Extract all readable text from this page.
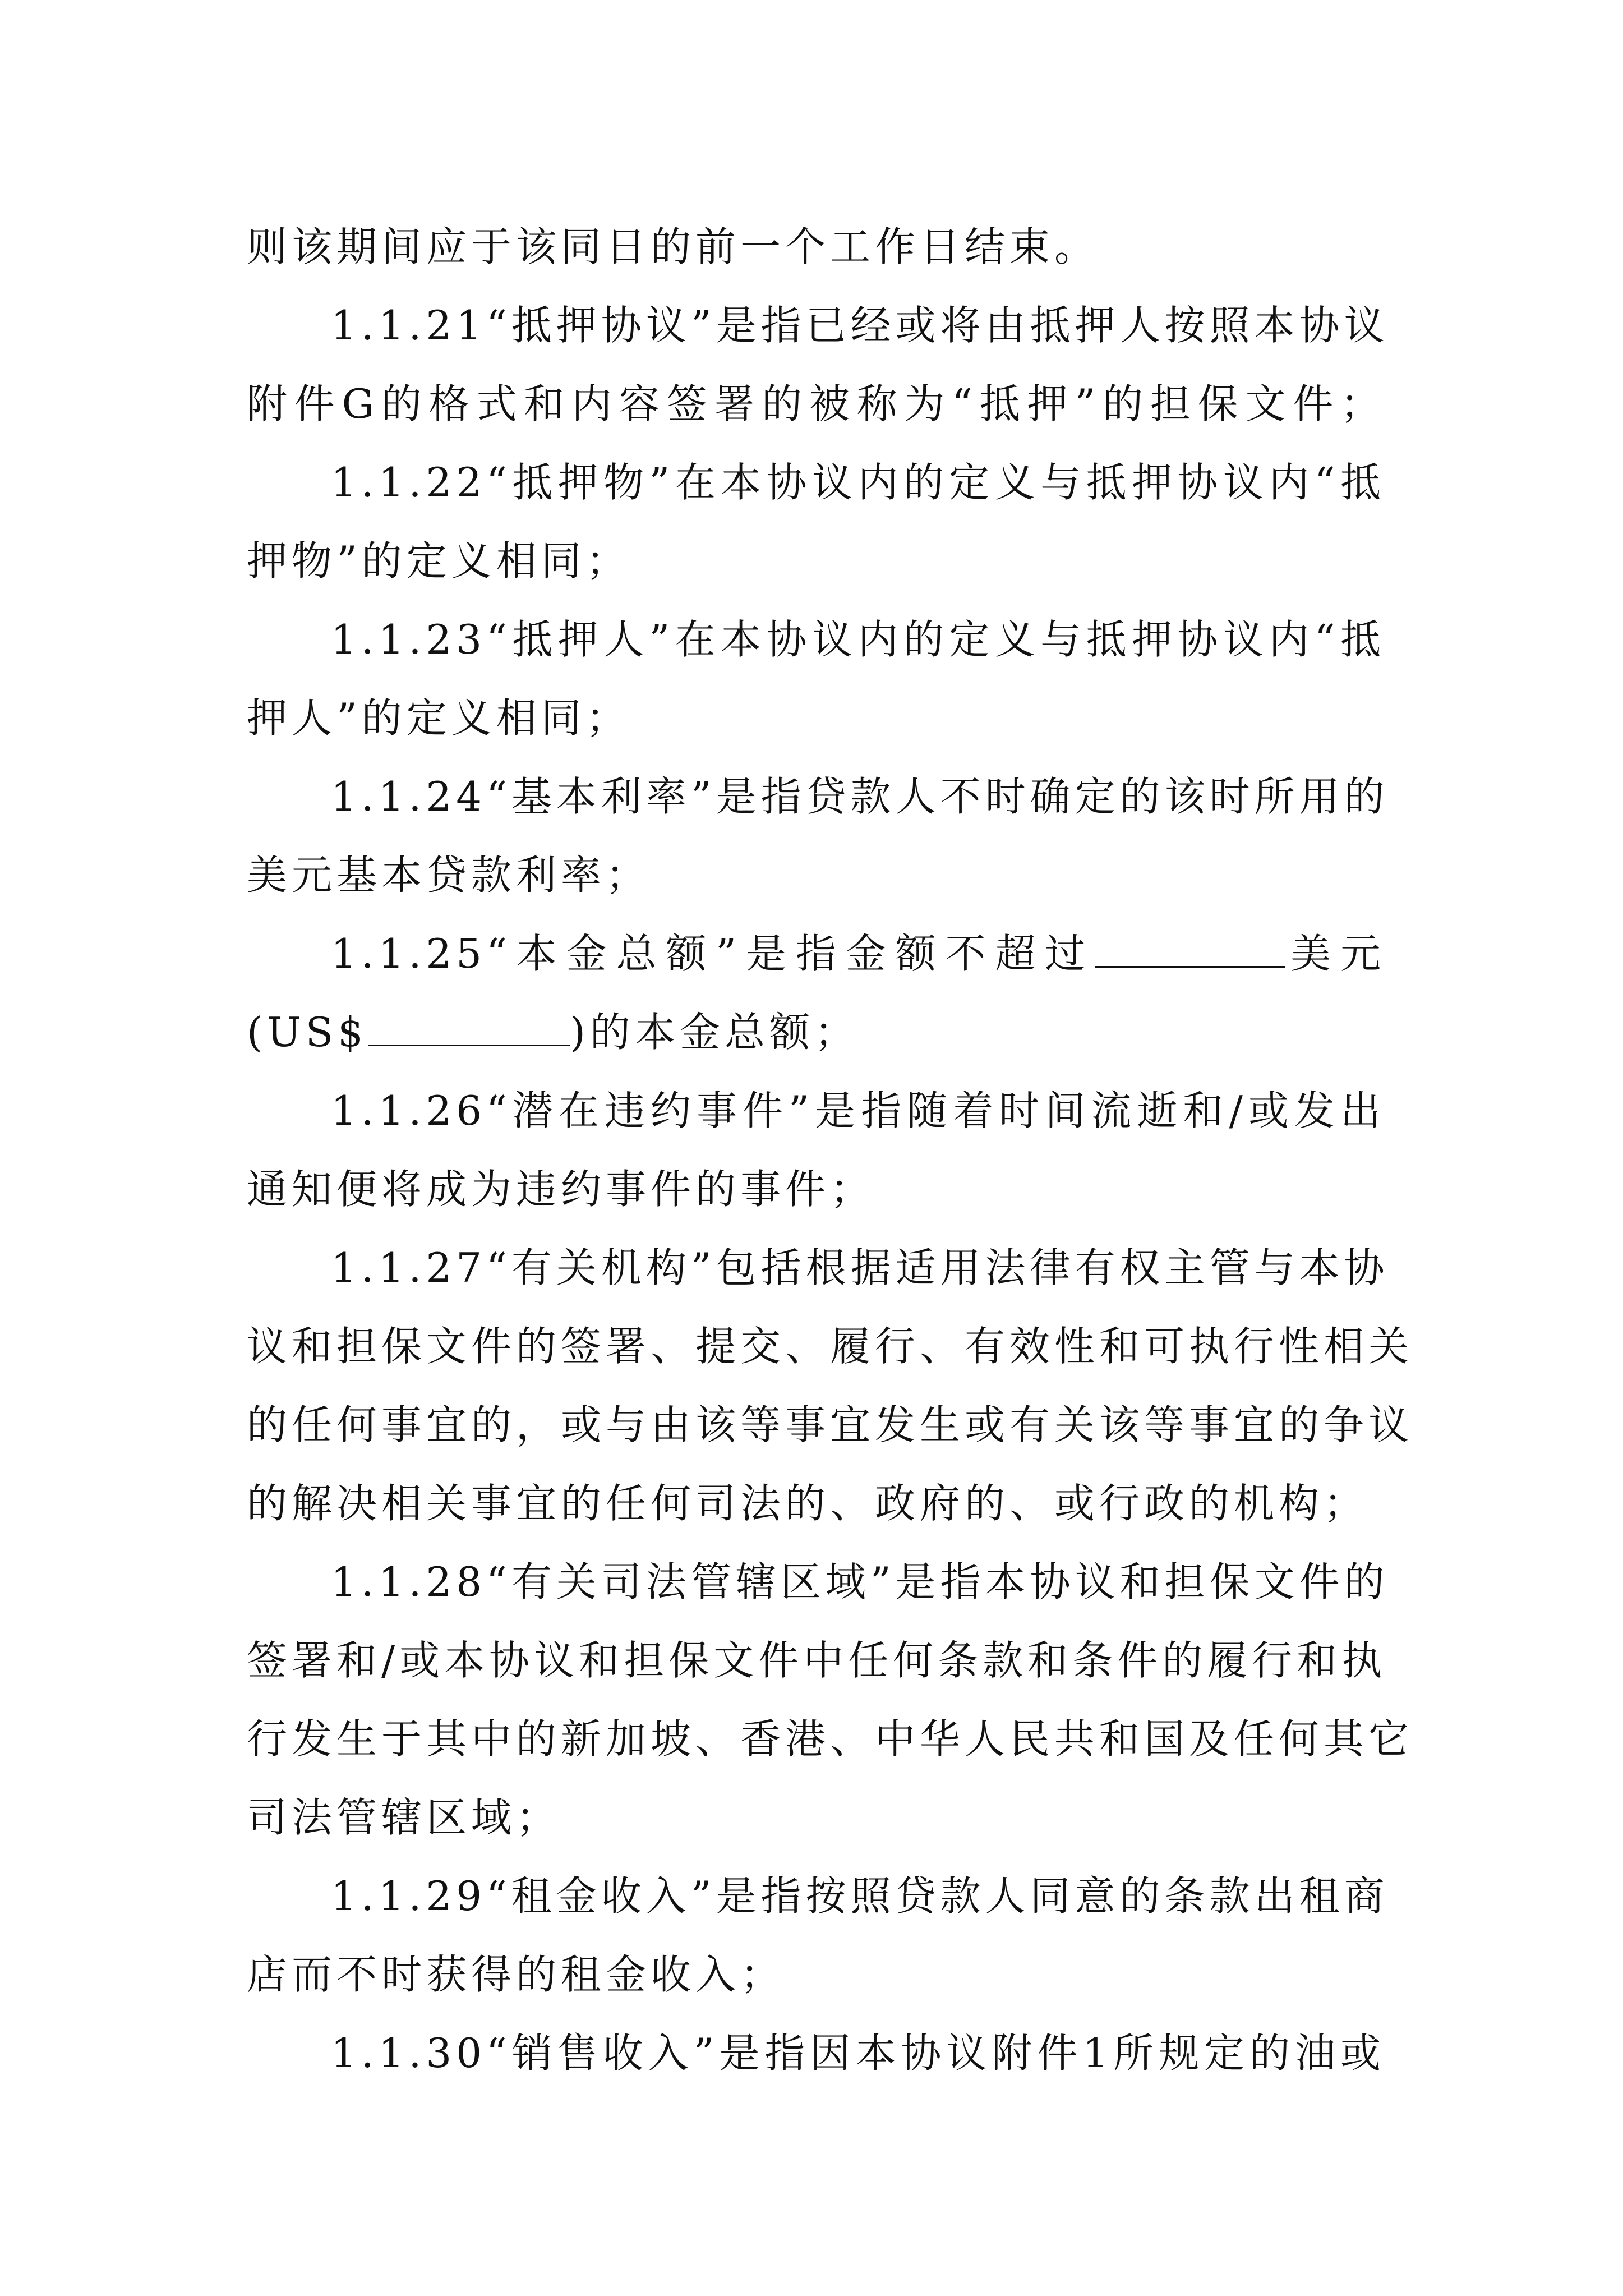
则该期间应于该同日的前一个工作日结束。
1.1.21“抵押协议”是指已经或将由抵押人按照本协议
附件G的格式和内容签署的被称为“抵押”的担保文件；
1.1.22“抵押物”在本协议内的定义与抵押协议内“抵
押物”的定义相同；
1.1.23“抵押人”在本协议内的定义与抵押协议内“抵
押人”的定义相同；
1.1.24“基本利率”是指贷款人不时确定的该时所用的
美元基本贷款利率；
1.1.25“本金总额”是指金额不超过	美元
(US$	)的本金总额；
1.1.26“潜在违约事件”是指随着时间流逝和/或发出
通知便将成为违约事件的事件；
1.1.27“有关机构”包括根据适用法律有权主管与本协
议和担保文件的签署、提交、履行、有效性和可执行性相关
的任何事宜的，或与由该等事宜发生或有关该等事宜的争议
的解决相关事宜的任何司法的、政府的、或行政的机构；
1.1.28“有关司法管辖区域”是指本协议和担保文件的
签署和/或本协议和担保文件中任何条款和条件的履行和执
行发生于其中的新加坡、香港、中华人民共和国及任何其它
司法管辖区域；
1.1.29“租金收入”是指按照贷款人同意的条款出租商
店而不时获得的租金收入；
1.1.30“销售收入”是指因本协议附件1所规定的油或
